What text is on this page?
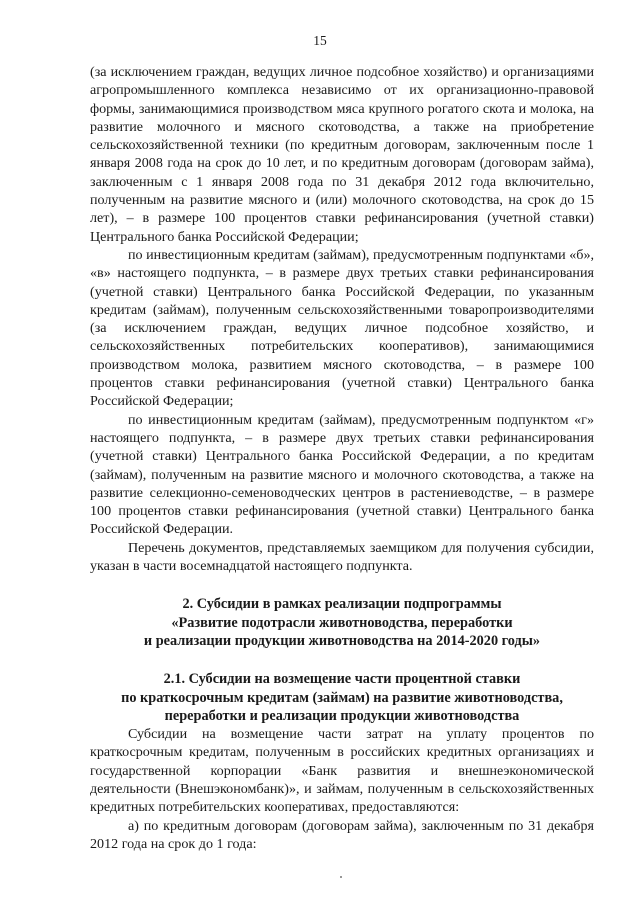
15

(за исключением граждан, ведущих личное подсобное хозяйство) и организациями агропромышленного комплекса независимо от их организационно-правовой формы, занимающимися производством мяса крупного рогатого скота и молока, на развитие молочного и мясного скотоводства, а также на приобретение сельскохозяйственной техники (по кредитным договорам, заключенным после 1 января 2008 года на срок до 10 лет, и по кредитным договорам (договорам займа), заключенным с 1 января 2008 года по 31 декабря 2012 года включительно, полученным на развитие мясного и (или) молочного скотоводства, на срок до 15 лет), – в размере 100 процентов ставки рефинансирования (учетной ставки) Центрального банка Российской Федерации;

по инвестиционным кредитам (займам), предусмотренным подпунктами «б», «в» настоящего подпункта, – в размере двух третьих ставки рефинансирования (учетной ставки) Центрального банка Российской Федерации, по указанным кредитам (займам), полученным сельскохозяйственными товаропроизводителями (за исключением граждан, ведущих личное подсобное хозяйство, и сельскохозяйственных потребительских кооперативов), занимающимися производством молока, развитием мясного скотоводства, – в размере 100 процентов ставки рефинансирования (учетной ставки) Центрального банка Российской Федерации;

по инвестиционным кредитам (займам), предусмотренным подпунктом «г» настоящего подпункта, – в размере двух третьих ставки рефинансирования (учетной ставки) Центрального банка Российской Федерации, а по кредитам (займам), полученным на развитие мясного и молочного скотоводства, а также на развитие селекционно-семеноводческих центров в растениеводстве, – в размере 100 процентов ставки рефинансирования (учетной ставки) Центрального банка Российской Федерации.

Перечень документов, представляемых заемщиком для получения субсидии, указан в части восемнадцатой настоящего подпункта.

2. Субсидии в рамках реализации подпрограммы

«Развитие подотрасли животноводства, переработки

и реализации продукции животноводства на 2014-2020 годы»

2.1. Субсидии на возмещение части процентной ставки

по краткосрочным кредитам (займам) на развитие животноводства,

переработки и реализации продукции животноводства

Субсидии на возмещение части затрат на уплату процентов по краткосрочным кредитам, полученным в российских кредитных организациях и государственной корпорации «Банк развития и внешнеэкономической деятельности (Внешэкономбанк)», и займам, полученным в сельскохозяйственных кредитных потребительских кооперативах, предоставляются:

а) по кредитным договорам (договорам займа), заключенным по 31 декабря 2012 года на срок до 1 года:
